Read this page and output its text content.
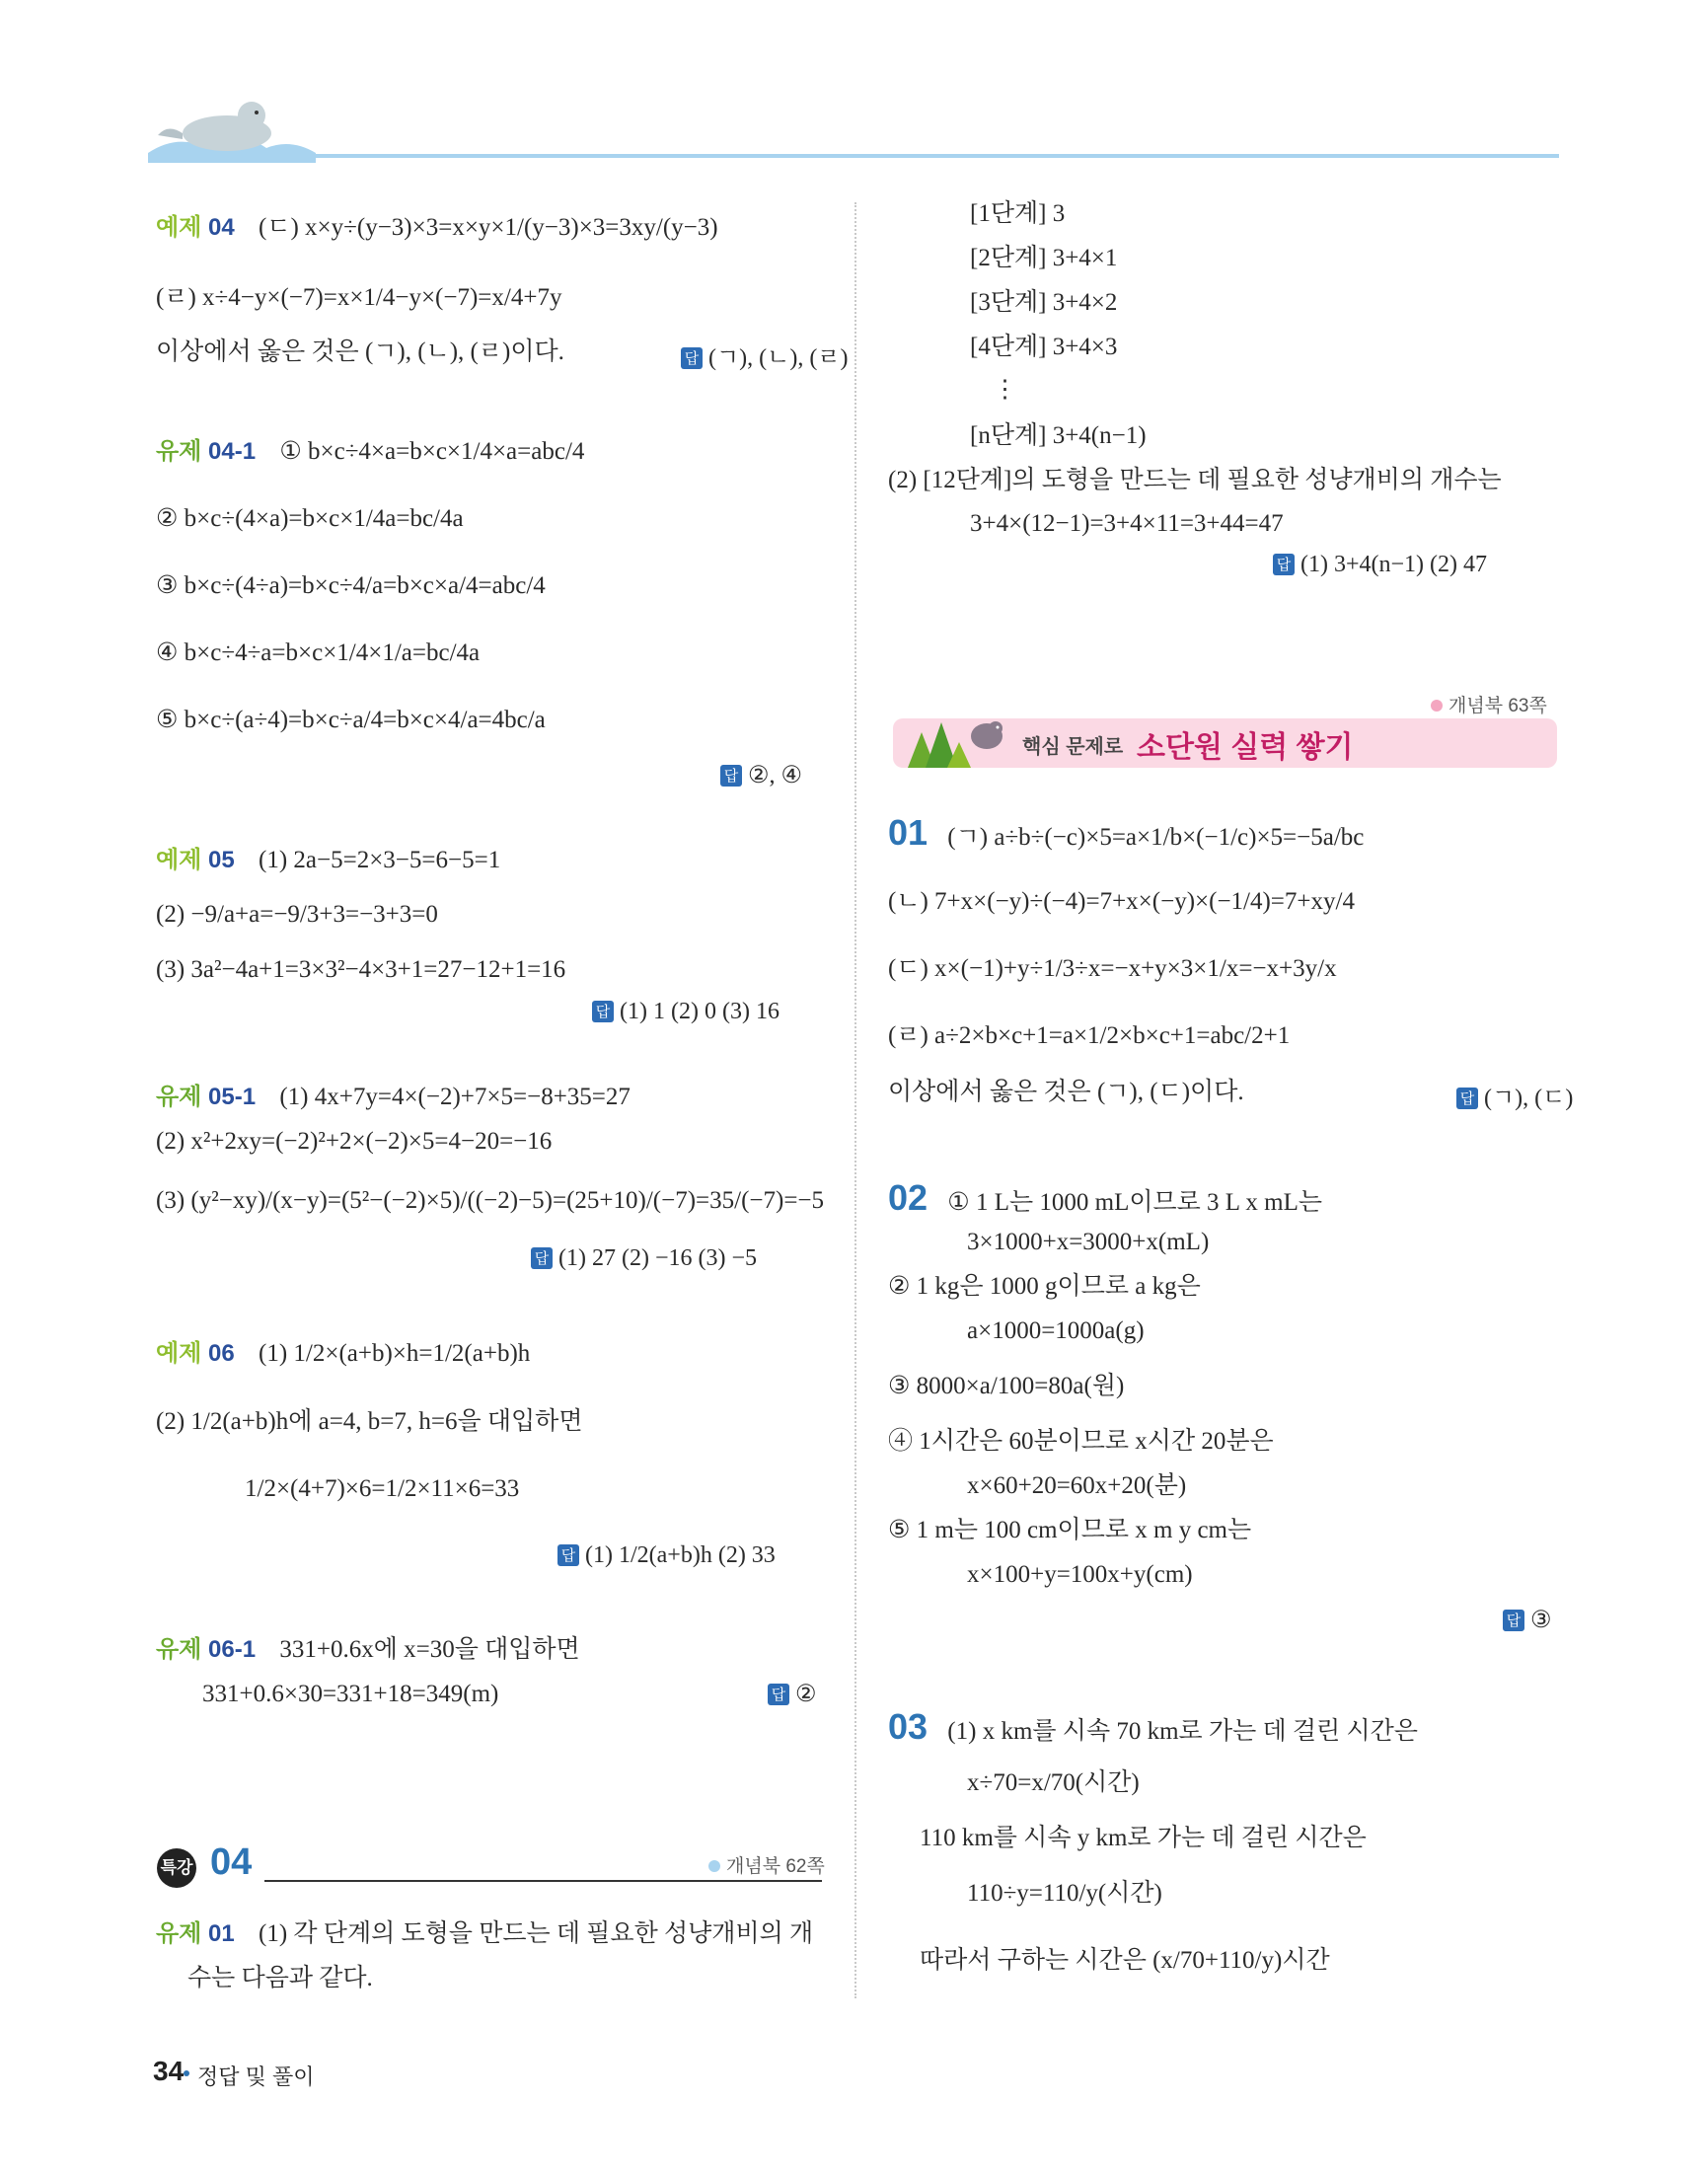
예제 04 (ㄷ) x×y÷(y−3)×3=x×y×1/(y−3)×3=3xy/(y−3)
(ㄹ) x÷4−y×(−7)=x×1/4−y×(−7)=x/4+7y
이상에서 옳은 것은 (ㄱ), (ㄴ), (ㄹ)이다.	답 (ㄱ), (ㄴ), (ㄹ)
유제 04-1 ① b×c÷4×a=b×c×1/4×a=abc/4
② b×c÷(4×a)=b×c×1/4a=bc/4a
③ b×c÷(4÷a)=b×c÷4/a=b×c×a/4=abc/4
④ b×c÷4÷a=b×c×1/4×1/a=bc/4a
⑤ b×c÷(a÷4)=b×c÷a/4=b×c×4/a=4bc/a
답 ②, ④
예제 05 (1) 2a−5=2×3−5=6−5=1
(2) −9/a+a=−9/3+3=−3+3=0
(3) 3a²−4a+1=3×3²−4×3+1=27−12+1=16
답 (1) 1 (2) 0 (3) 16
유제 05-1 (1) 4x+7y=4×(−2)+7×5=−8+35=27
(2) x²+2xy=(−2)²+2×(−2)×5=4−20=−16
(3) (y²−xy)/(x−y)=(5²−(−2)×5)/((−2)−5)=(25+10)/(−7)=35/(−7)=−5
답 (1) 27 (2) −16 (3) −5
예제 06 (1) 1/2×(a+b)×h=1/2(a+b)h
(2) 1/2(a+b)h에 a=4, b=7, h=6을 대입하면
1/2×(4+7)×6=1/2×11×6=33
답 (1) 1/2(a+b)h (2) 33
유제 06-1 331+0.6x에 x=30을 대입하면
331+0.6×30=331+18=349(m)	답 ②
특강 04	개념북 62쪽
유제 01 (1) 각 단계의 도형을 만드는 데 필요한 성냥개비의 개
수는 다음과 같다.
[1단계] 3
[2단계] 3+4×1
[3단계] 3+4×2
[4단계] 3+4×3
⋮
[n단계] 3+4(n−1)
(2) [12단계]의 도형을 만드는 데 필요한 성냥개비의 개수는
3+4×(12−1)=3+4×11=3+44=47
답 (1) 3+4(n−1) (2) 47
개념북 63쪽
핵심 문제로 소단원 실력 쌓기
01 (ㄱ) a÷b÷(−c)×5=a×1/b×(−1/c)×5=−5a/bc
(ㄴ) 7+x×(−y)÷(−4)=7+x×(−y)×(−1/4)=7+xy/4
(ㄷ) x×(−1)+y÷1/3÷x=−x+y×3×1/x=−x+3y/x
(ㄹ) a÷2×b×c+1=a×1/2×b×c+1=abc/2+1
이상에서 옳은 것은 (ㄱ), (ㄷ)이다.	답 (ㄱ), (ㄷ)
02 ① 1 L는 1000 mL이므로 3 L x mL는
3×1000+x=3000+x(mL)
② 1 kg은 1000 g이므로 a kg은
a×1000=1000a(g)
③ 8000×a/100=80a(원)
④ 1시간은 60분이므로 x시간 20분은
x×60+20=60x+20(분)
⑤ 1 m는 100 cm이므로 x m y cm는
x×100+y=100x+y(cm)
답 ③
03 (1) x km를 시속 70 km로 가는 데 걸린 시간은
x÷70=x/70(시간)
110 km를 시속 y km로 가는 데 걸린 시간은
110÷y=110/y(시간)
따라서 구하는 시간은 (x/70+110/y)시간
34 정답 및 풀이
